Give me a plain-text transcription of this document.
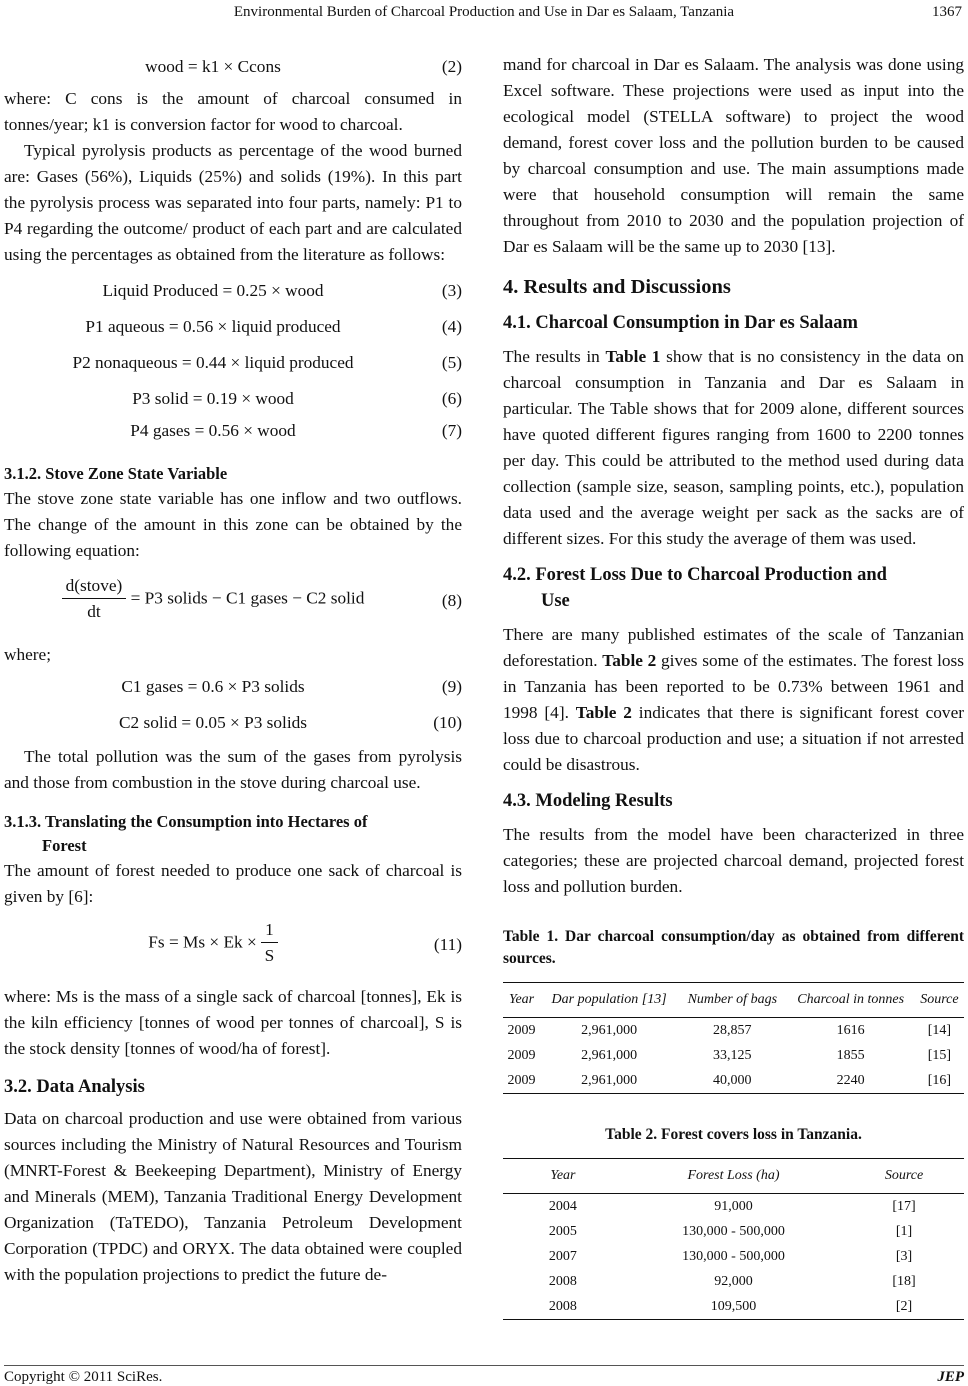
Environmental Burden of Charcoal Production and Use in Dar es Salaam, Tanzania	1367
wood = k1 × Ccons	(2)

where: C cons is the amount of charcoal consumed in tonnes/year; k1 is conversion factor for wood to charcoal.

Typical pyrolysis products as percentage of the wood burned are: Gases (56%), Liquids (25%) and solids (19%). In this part the pyrolysis process was separated into four parts, namely: P1 to P4 regarding the outcome/ product of each part and are calculated using the percentages as obtained from the literature as follows:

Liquid Produced = 0.25 × wood	(3)
P1 aqueous = 0.56 × liquid produced	(4)
P2 nonaqueous = 0.44 × liquid produced	(5)
P3 solid = 0.19 × wood	(6)
P4 gases = 0.56 × wood	(7)
3.1.2. Stove Zone State Variable

The stove zone state variable has one inflow and two outflows. The change of the amount in this zone can be obtained by the following equation:

$\frac{\text{d(stove)}}{dt} = P3$ solids − C1 gases − C2 solid	(8)

where;

C1 gases = 0.6 × P3 solids	(9)
C2 solid = 0.05 × P3 solids	(10)

The total pollution was the sum of the gases from pyrolysis and those from combustion in the stove during charcoal use.

3.1.3. Translating the Consumption into Hectares of
Forest

The amount of forest needed to produce one sack of charcoal is given by [6]:

$Fs = Ms \times Ek \times \frac{1}{S}$	(11)

where: Ms is the mass of a single sack of charcoal [tonnes], Ek is the kiln efficiency [tonnes of wood per tonnes of charcoal], S is the stock density [tonnes of wood/ha of forest].

3.2. Data Analysis

Data on charcoal production and use were obtained from various sources including the Ministry of Natural Resources and Tourism (MNRT-Forest & Beekeeping Department), Ministry of Energy and Minerals (MEM), Tanzania Traditional Energy Development Organization (TaTEDO), Tanzania Petroleum Development Corporation (TPDC) and ORYX. The data obtained were coupled with the population projections to predict the future de-

mand for charcoal in Dar es Salaam. The analysis was done using Excel software. These projections were used as input into the ecological model (STELLA software) to project the wood demand, forest cover loss and the pollution burden to be caused by charcoal consumption and use. The main assumptions made were that household consumption will remain the same throughout from 2010 to 2030 and the population projection of Dar es Salaam will be the same up to 2030 [13].

4. Results and Discussions
4.1. Charcoal Consumption in Dar es Salaam

The results in Table 1 show that is no consistency in the data on charcoal consumption in Tanzania and Dar es Salaam in particular. The Table shows that for 2009 alone, different sources have quoted different figures ranging from 1600 to 2200 tonnes per day. This could be attributed to the method used during data collection (sample size, season, sampling points, etc.), population data used and the average weight per sack as the sacks are of different sizes. For this study the average of them was used.

4.2. Forest Loss Due to Charcoal Production and
Use

There are many published estimates of the scale of Tanzanian deforestation. Table 2 gives some of the estimates. The forest loss in Tanzania has been reported to be 0.73% between 1961 and 1998 [4]. Table 2 indicates that there is significant forest cover loss due to charcoal production and use; a situation if not arrested could be disastrous.

4.3. Modeling Results

The results from the model have been characterized in three categories; these are projected charcoal demand, projected forest loss and pollution burden.

Table 1. Dar charcoal consumption/day as obtained from different sources.

Year	Dar population [13]	Number of bags	Charcoal in tonnes	Source
2009	2,961,000	28,857	1616	[14]
2009	2,961,000	33,125	1855	[15]
2009	2,961,000	40,000	2240	[16]

Table 2. Forest covers loss in Tanzania.

Year	Forest Loss (ha)	Source
2004	91,000	[17]
2005	130,000 - 500,000	[1]
2007	130,000 - 500,000	[3]
2008	92,000	[18]
2008	109,500	[2]
Copyright © 2011 SciRes.	JEP
